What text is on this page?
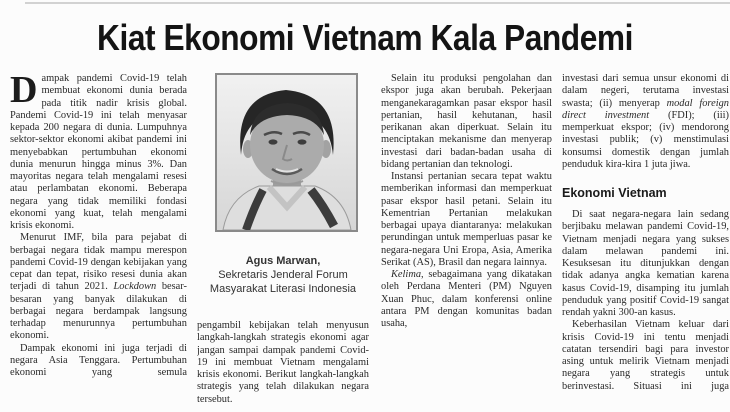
Kiat Ekonomi Vietnam Kala Pandemi

Dampak pandemi Covid-19 telah membuat ekonomi dunia berada pada titik nadir krisis global. Pandemi Covid-19 ini telah menyasar kepada 200 negara di dunia. Lumpuhnya sektor-sektor ekonomi akibat pandemi ini menyebabkan pertumbuhan ekonomi dunia menurun hingga minus 3%. Dan mayoritas negara telah mengalami resesi atau perlambatan ekonomi. Beberapa negara yang tidak memiliki fondasi ekonomi yang kuat, telah mengalami krisis ekonomi.

Menurut IMF, bila para pejabat di berbagai negara tidak mampu merespon pandemi Covid-19 dengan kebijakan yang cepat dan tepat, risiko resesi dunia akan terjadi di tahun 2021. Lockdown besar-besaran yang banyak dilakukan di berbagai negara berdampak langsung terhadap menurunnya pertumbuhan ekonomi.

Dampak ekonomi ini juga terjadi di negara Asia Tenggara. Pertumbuhan ekonomi yang semula

Agus Marwan,
Sekretaris Jenderal Forum Masyarakat Literasi Indonesia

pengambil kebijakan telah menyusun langkah-langkah strategis ekonomi agar jangan sampai dampak pandemi Covid-19 ini membuat Vietnam mengalami krisis ekonomi. Berikut langkah-langkah strategis yang telah dilakukan negara tersebut.

Selain itu produksi pengolahan dan ekspor juga akan berubah. Pekerjaan menganekaragamkan pasar ekspor hasil pertanian, hasil kehutanan, hasil perikanan akan diperkuat. Selain itu menciptakan mekanisme dan menyerap investasi dari badan-badan usaha di bidang pertanian dan teknologi.

Instansi pertanian secara tepat waktu memberikan informasi dan memperkuat pasar ekspor hasil petani. Selain itu Kementrian Pertanian melakukan berbagai upaya diantaranya: melakukan perundingan untuk memperluas pasar ke negara-negara Uni Eropa, Asia, Amerika Serikat (AS), Brasil dan negara lainnya.

Kelima, sebagaimana yang dikatakan oleh Perdana Menteri (PM) Nguyen Xuan Phuc, dalam konferensi online antara PM dengan komunitas badan usaha,

investasi dari semua unsur ekonomi di dalam negeri, terutama investasi swasta; (ii) menyerap modal foreign direct investment (FDI); (iii) memperkuat ekspor; (iv) mendorong investasi publik; (v) menstimulasi konsumsi domestik dengan jumlah penduduk kira-kira 1 juta jiwa.

Ekonomi Vietnam

Di saat negara-negara lain sedang berjibaku melawan pandemi Covid-19, Vietnam menjadi negara yang sukses dalam melawan pandemi ini. Kesuksesan itu ditunjukkan dengan tidak adanya angka kematian karena kasus Covid-19, disamping itu jumlah penduduk yang positif Covid-19 sangat rendah yakni 300-an kasus.

Keberhasilan Vietnam keluar dari krisis Covid-19 ini tentu menjadi catatan tersendiri bagi para investor asing untuk melirik Vietnam menjadi negara yang strategis untuk berinvestasi. Situasi ini juga
